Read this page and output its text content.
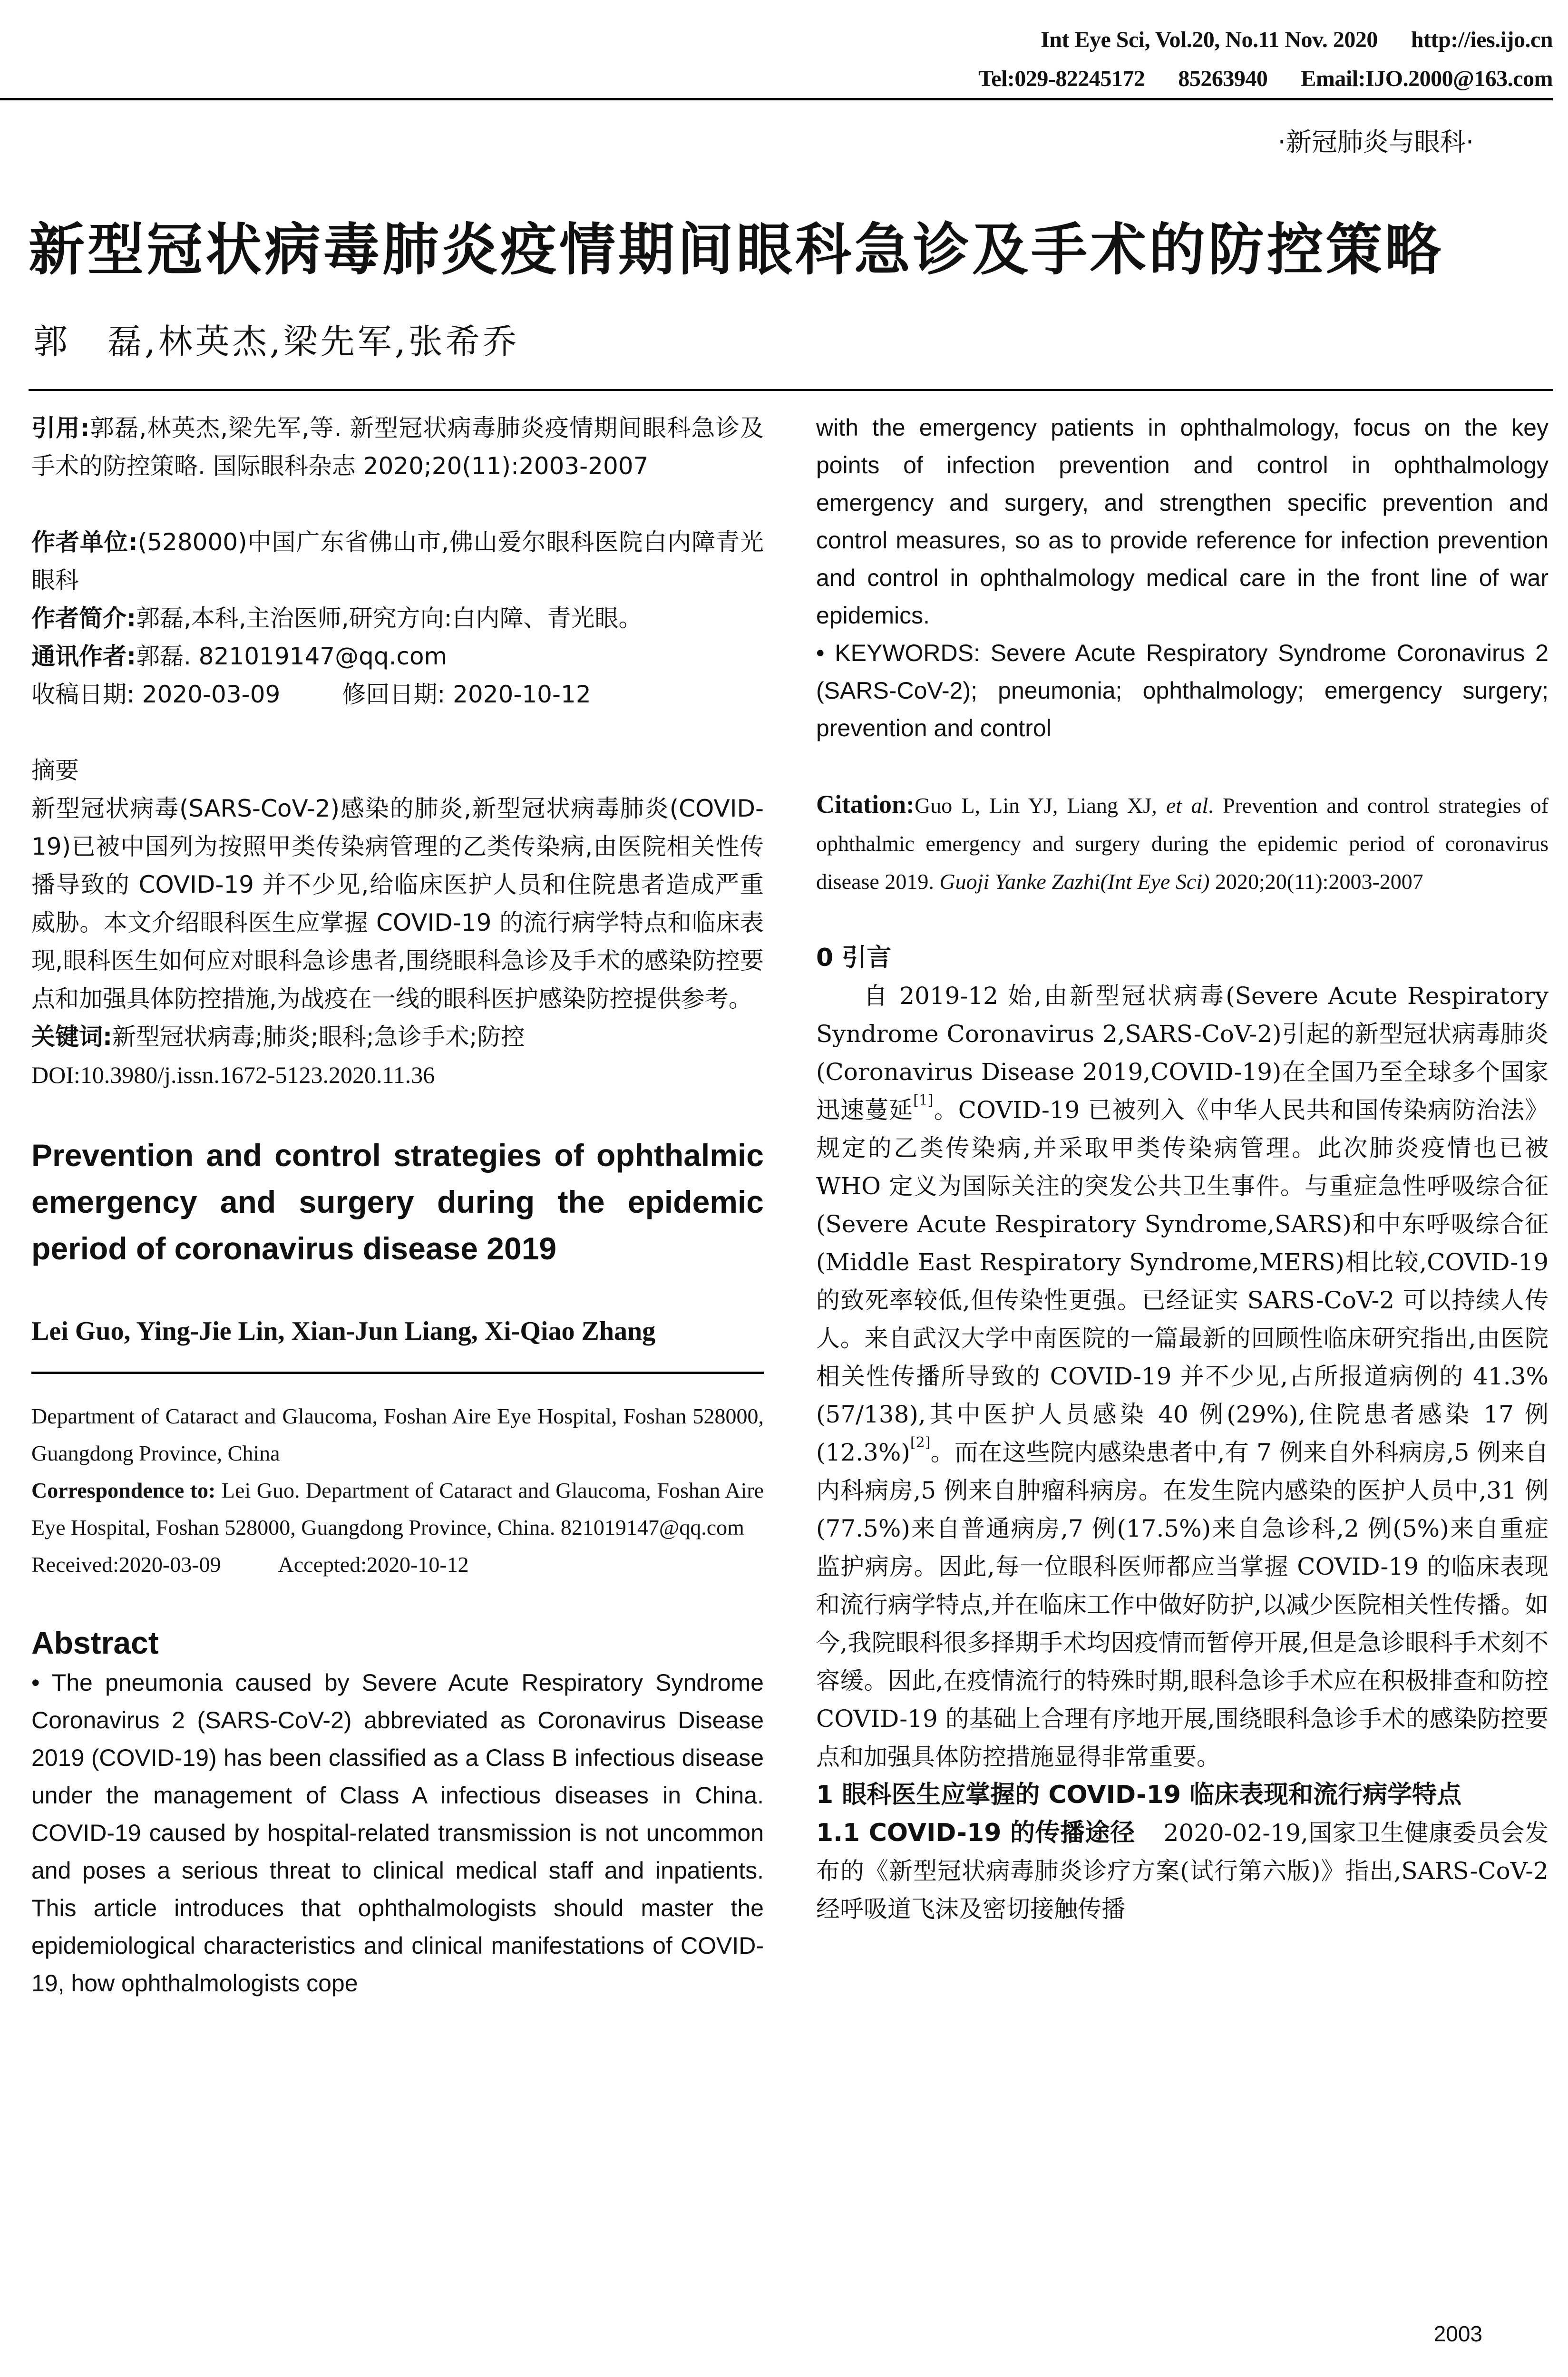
Int Eye Sci, Vol.20, No.11 Nov. 2020 http://ies.ijo.cn
Tel:029-82245172 85263940 Email:IJO.2000@163.com
·新冠肺炎与眼科·
新型冠状病毒肺炎疫情期间眼科急诊及手术的防控策略
郭　磊,林英杰,梁先军,张希乔

引用:郭磊,林英杰,梁先军,等. 新型冠状病毒肺炎疫情期间眼科急诊及手术的防控策略. 国际眼科杂志 2020;20(11):2003-2007

作者单位:(528000)中国广东省佛山市,佛山爱尔眼科医院白内障青光眼科

作者简介:郭磊,本科,主治医师,研究方向:白内障、青光眼。

通讯作者:郭磊. 821019147@qq.com

收稿日期: 2020-03-09	修回日期: 2020-10-12

摘要

新型冠状病毒(SARS-CoV-2)感染的肺炎,新型冠状病毒肺炎(COVID-19)已被中国列为按照甲类传染病管理的乙类传染病,由医院相关性传播导致的 COVID-19 并不少见,给临床医护人员和住院患者造成严重威胁。本文介绍眼科医生应掌握 COVID-19 的流行病学特点和临床表现,眼科医生如何应对眼科急诊患者,围绕眼科急诊及手术的感染防控要点和加强具体防控措施,为战疫在一线的眼科医护感染防控提供参考。

关键词:新型冠状病毒;肺炎;眼科;急诊手术;防控

DOI:10.3980/j.issn.1672-5123.2020.11.36

Prevention and control strategies of ophthalmic emergency and surgery during the epidemic period of coronavirus disease 2019

Lei Guo, Ying-Jie Lin, Xian-Jun Liang, Xi-Qiao Zhang

Department of Cataract and Glaucoma, Foshan Aire Eye Hospital, Foshan 528000, Guangdong Province, China

Correspondence to: Lei Guo. Department of Cataract and Glaucoma, Foshan Aire Eye Hospital, Foshan 528000, Guangdong Province, China. 821019147@qq.com

Received:2020-03-09	Accepted:2020-10-12

Abstract

• The pneumonia caused by Severe Acute Respiratory Syndrome Coronavirus 2 (SARS-CoV-2) abbreviated as Coronavirus Disease 2019 (COVID-19) has been classified as a Class B infectious disease under the management of Class A infectious diseases in China. COVID-19 caused by hospital-related transmission is not uncommon and poses a serious threat to clinical medical staff and inpatients. This article introduces that ophthalmologists should master the epidemiological characteristics and clinical manifestations of COVID-19, how ophthalmologists cope

with the emergency patients in ophthalmology, focus on the key points of infection prevention and control in ophthalmology emergency and surgery, and strengthen specific prevention and control measures, so as to provide reference for infection prevention and control in ophthalmology medical care in the front line of war epidemics.

• KEYWORDS: Severe Acute Respiratory Syndrome Coronavirus 2 (SARS-CoV-2); pneumonia; ophthalmology; emergency surgery; prevention and control

Citation:Guo L, Lin YJ, Liang XJ, et al. Prevention and control strategies of ophthalmic emergency and surgery during the epidemic period of coronavirus disease 2019. Guoji Yanke Zazhi(Int Eye Sci) 2020;20(11):2003-2007

0 引言

自 2019-12 始,由新型冠状病毒(Severe Acute Respiratory Syndrome Coronavirus 2,SARS-CoV-2)引起的新型冠状病毒肺炎(Coronavirus Disease 2019,COVID-19)在全国乃至全球多个国家迅速蔓延[1]。COVID-19 已被列入《中华人民共和国传染病防治法》规定的乙类传染病,并采取甲类传染病管理。此次肺炎疫情也已被 WHO 定义为国际关注的突发公共卫生事件。与重症急性呼吸综合征(Severe Acute Respiratory Syndrome,SARS)和中东呼吸综合征(Middle East Respiratory Syndrome,MERS)相比较,COVID-19 的致死率较低,但传染性更强。已经证实 SARS-CoV-2 可以持续人传人。来自武汉大学中南医院的一篇最新的回顾性临床研究指出,由医院相关性传播所导致的 COVID-19 并不少见,占所报道病例的 41.3%(57/138),其中医护人员感染 40 例(29%),住院患者感染 17 例(12.3%)[2]。而在这些院内感染患者中,有 7 例来自外科病房,5 例来自内科病房,5 例来自肿瘤科病房。在发生院内感染的医护人员中,31 例(77.5%)来自普通病房,7 例(17.5%)来自急诊科,2 例(5%)来自重症监护病房。因此,每一位眼科医师都应当掌握 COVID-19 的临床表现和流行病学特点,并在临床工作中做好防护,以减少医院相关性传播。如今,我院眼科很多择期手术均因疫情而暂停开展,但是急诊眼科手术刻不容缓。因此,在疫情流行的特殊时期,眼科急诊手术应在积极排查和防控 COVID-19 的基础上合理有序地开展,围绕眼科急诊手术的感染防控要点和加强具体防控措施显得非常重要。

1 眼科医生应掌握的 COVID-19 临床表现和流行病学特点

1.1 COVID-19 的传播途径 2020-02-19,国家卫生健康委员会发布的《新型冠状病毒肺炎诊疗方案(试行第六版)》指出,SARS-CoV-2 经呼吸道飞沫及密切接触传播

2003
